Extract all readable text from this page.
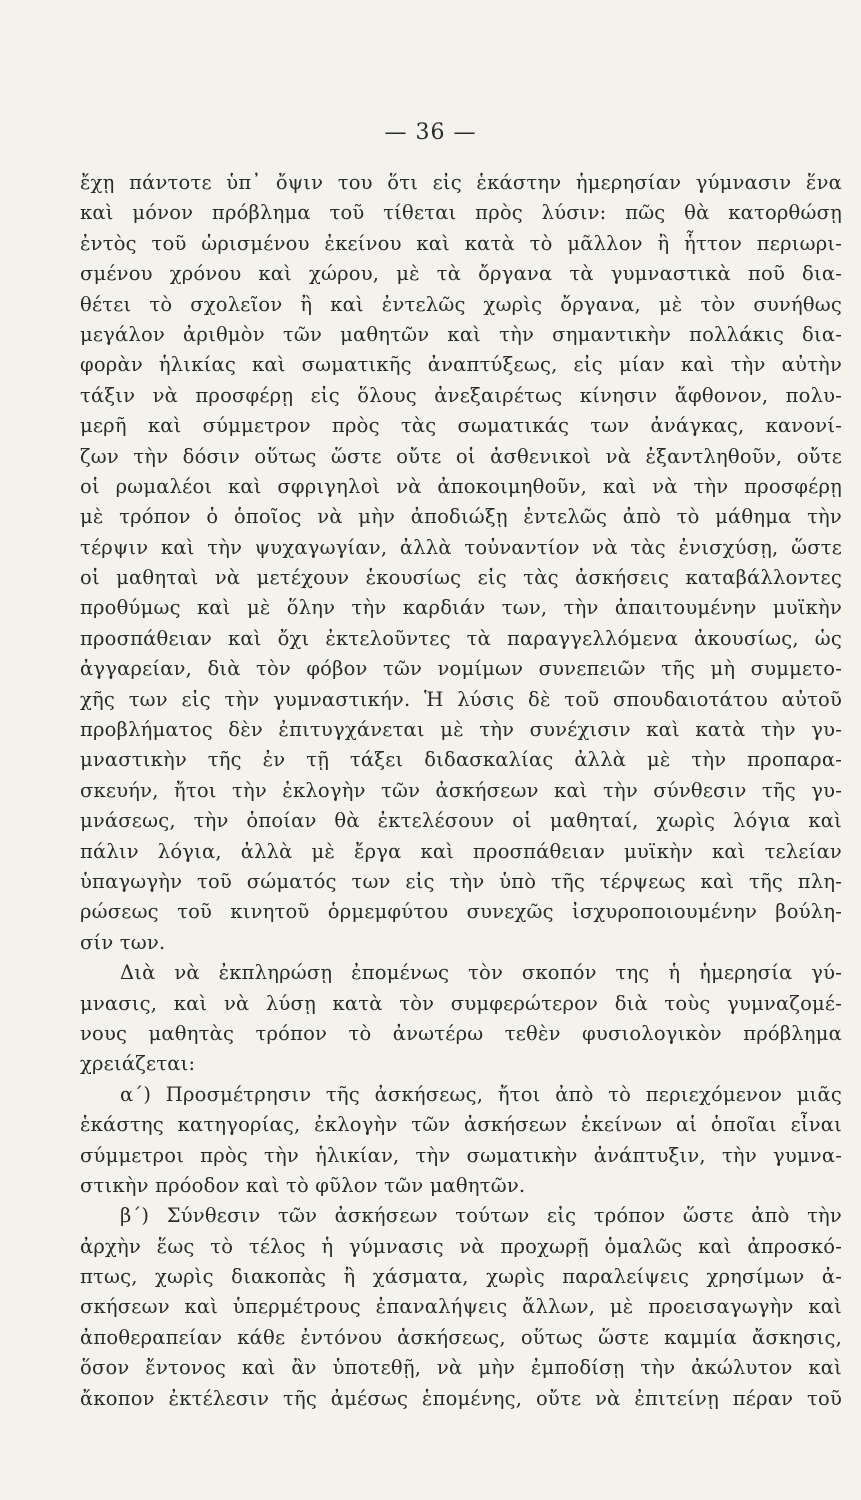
— 36 —
ἔχῃ πάντοτε ὑπ᾽ ὄψιν του ὅτι εἰς ἑκάστην ἡμερησίαν γύμνασιν ἕνα
καὶ μόνον πρόβλημα τοῦ τίθεται πρὸς λύσιν: πῶς θὰ κατορθώσῃ
ἐντὸς τοῦ ὡρισμένου ἐκείνου καὶ κατὰ τὸ μᾶλλον ἢ ἧττον περιωρι-
σμένου χρόνου καὶ χώρου, μὲ τὰ ὄργανα τὰ γυμναστικὰ ποῦ δια-
θέτει τὸ σχολεῖον ἢ καὶ ἐντελῶς χωρὶς ὄργανα, μὲ τὸν συνήθως
μεγάλον ἀριθμὸν τῶν μαθητῶν καὶ τὴν σημαντικὴν πολλάκις δια-
φορὰν ἡλικίας καὶ σωματικῆς ἀναπτύξεως, εἰς μίαν καὶ τὴν αὐτὴν
τάξιν νὰ προσφέρῃ εἰς ὅλους ἀνεξαιρέτως κίνησιν ἄφθονον, πολυ-
μερῆ καὶ σύμμετρον πρὸς τὰς σωματικάς των ἀνάγκας, κανονί-
ζων τὴν δόσιν οὕτως ὥστε οὔτε οἱ ἀσθενικοὶ νὰ ἐξαντληθοῦν, οὔτε
οἱ ρωμαλέοι καὶ σφριγηλοὶ νὰ ἀποκοιμηθοῦν, καὶ νὰ τὴν προσφέρῃ
μὲ τρόπον ὁ ὁποῖος νὰ μὴν ἀποδιώξῃ ἐντελῶς ἀπὸ τὸ μάθημα τὴν
τέρψιν καὶ τὴν ψυχαγωγίαν, ἀλλὰ τοὐναντίον νὰ τὰς ἐνισχύσῃ, ὥστε
οἱ μαθηταὶ νὰ μετέχουν ἑκουσίως εἰς τὰς ἀσκήσεις καταβάλλοντες
προθύμως καὶ μὲ ὅλην τὴν καρδιάν των, τὴν ἀπαιτουμένην μυϊκὴν
προσπάθειαν καὶ ὄχι ἐκτελοῦντες τὰ παραγγελλόμενα ἀκουσίως, ὡς
ἀγγαρείαν, διὰ τὸν φόβον τῶν νομίμων συνεπειῶν τῆς μὴ συμμετο-
χῆς των εἰς τὴν γυμναστικήν. Ἡ λύσις δὲ τοῦ σπουδαιοτάτου αὐτοῦ
προβλήματος δὲν ἐπιτυγχάνεται μὲ τὴν συνέχισιν καὶ κατὰ τὴν γυ-
μναστικὴν τῆς ἐν τῇ τάξει διδασκαλίας ἀλλὰ μὲ τὴν προπαρα-
σκευήν, ἤτοι τὴν ἐκλογὴν τῶν ἀσκήσεων καὶ τὴν σύνθεσιν τῆς γυ-
μνάσεως, τὴν ὁποίαν θὰ ἐκτελέσουν οἱ μαθηταί, χωρὶς λόγια καὶ
πάλιν λόγια, ἀλλὰ μὲ ἔργα καὶ προσπάθειαν μυϊκὴν καὶ τελείαν
ὑπαγωγὴν τοῦ σώματός των εἰς τὴν ὑπὸ τῆς τέρψεως καὶ τῆς πλη-
ρώσεως τοῦ κινητοῦ ὁρμεμφύτου συνεχῶς ἰσχυροποιουμένην βούλη-
σίν των.
Διὰ νὰ ἐκπληρώσῃ ἐπομένως τὸν σκοπόν της ἡ ἡμερησία γύ-
μνασις, καὶ νὰ λύσῃ κατὰ τὸν συμφερώτερον διὰ τοὺς γυμναζομέ-
νους μαθητὰς τρόπον τὸ ἀνωτέρω τεθὲν φυσιολογικὸν πρόβλημα
χρειάζεται:
α΄) Προσμέτρησιν τῆς ἀσκήσεως, ἤτοι ἀπὸ τὸ περιεχόμενον μιᾶς
ἑκάστης κατηγορίας, ἐκλογὴν τῶν ἀσκήσεων ἐκείνων αἱ ὁποῖαι εἶναι
σύμμετροι πρὸς τὴν ἡλικίαν, τὴν σωματικὴν ἀνάπτυξιν, τὴν γυμνα-
στικὴν πρόοδον καὶ τὸ φῦλον τῶν μαθητῶν.
β΄) Σύνθεσιν τῶν ἀσκήσεων τούτων εἰς τρόπον ὥστε ἀπὸ τὴν
ἀρχὴν ἕως τὸ τέλος ἡ γύμνασις νὰ προχωρῇ ὁμαλῶς καὶ ἀπροσκό-
πτως, χωρὶς διακοπὰς ἢ χάσματα, χωρὶς παραλείψεις χρησίμων ἀ-
σκήσεων καὶ ὑπερμέτρους ἐπαναλήψεις ἄλλων, μὲ προεισαγωγὴν καὶ
ἀποθεραπείαν κάθε ἐντόνου ἀσκήσεως, οὕτως ὥστε καμμία ἄσκησις,
ὅσον ἔντονος καὶ ἂν ὑποτεθῇ, νὰ μὴν ἐμποδίσῃ τὴν ἀκώλυτον καὶ
ἄκοπον ἐκτέλεσιν τῆς ἀμέσως ἑπομένης, οὔτε νὰ ἐπιτείνῃ πέραν τοῦ
